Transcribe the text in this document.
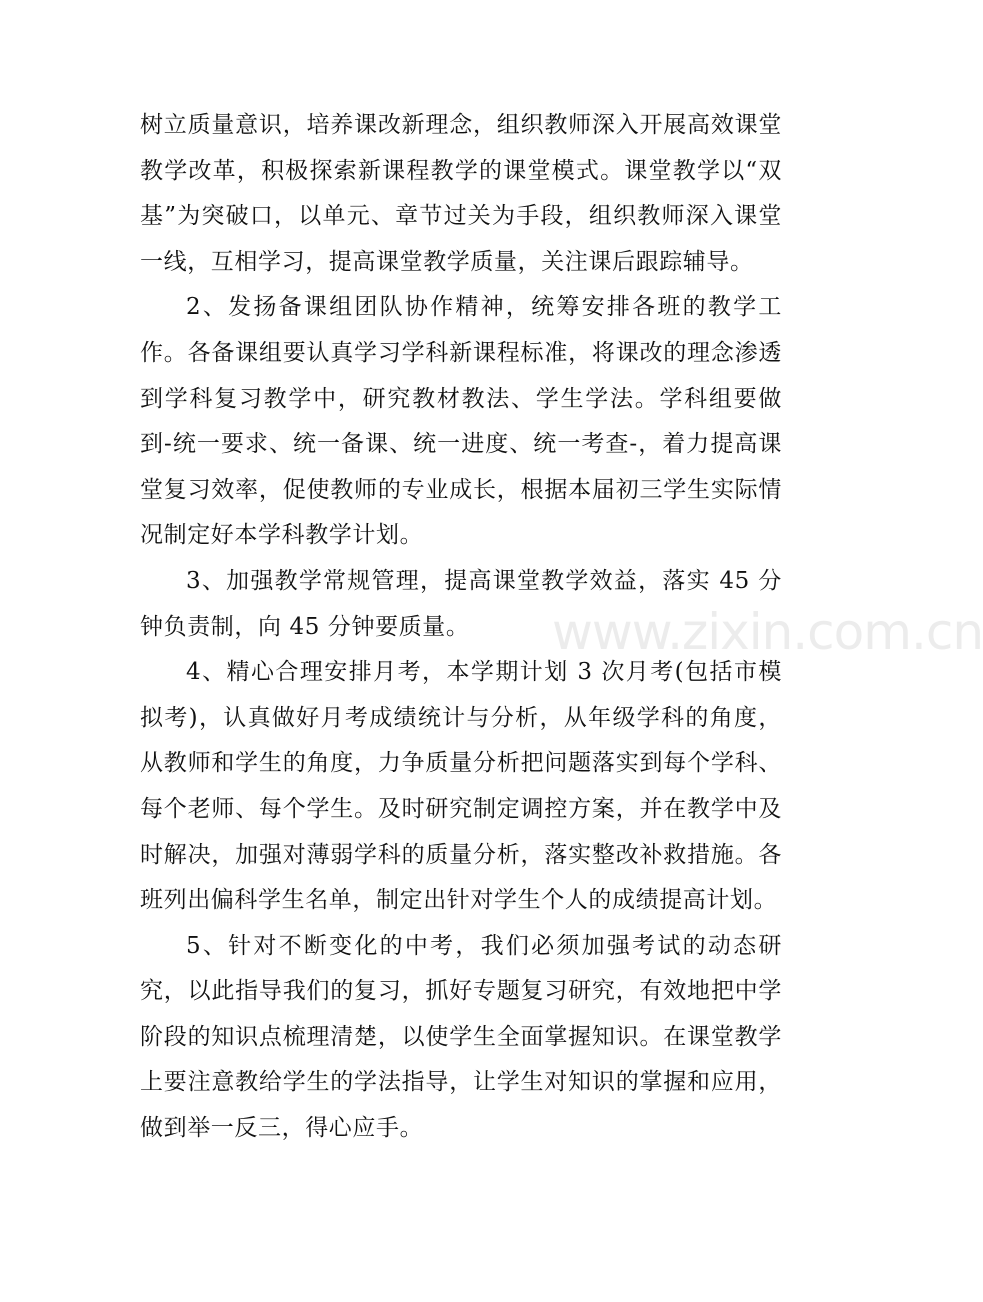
树立质量意识，培养课改新理念，组织教师深入开展高效课堂教学改革，积极探索新课程教学的课堂模式。课堂教学以“双基”为突破口，以单元、章节过关为手段，组织教师深入课堂一线，互相学习，提高课堂教学质量，关注课后跟踪辅导。

2、发扬备课组团队协作精神，统筹安排各班的教学工作。各备课组要认真学习学科新课程标准，将课改的理念渗透到学科复习教学中，研究教材教法、学生学法。学科组要做到‐统一要求、统一备课、统一进度、统一考查‐，着力提高课堂复习效率，促使教师的专业成长，根据本届初三学生实际情况制定好本学科教学计划。

3、加强教学常规管理，提高课堂教学效益，落实 45 分钟负责制，向 45 分钟要质量。

4、精心合理安排月考，本学期计划 3 次月考(包括市模拟考)，认真做好月考成绩统计与分析，从年级学科的角度，从教师和学生的角度，力争质量分析把问题落实到每个学科、每个老师、每个学生。及时研究制定调控方案，并在教学中及时解决，加强对薄弱学科的质量分析，落实整改补救措施。各班列出偏科学生名单，制定出针对学生个人的成绩提高计划。

5、针对不断变化的中考，我们必须加强考试的动态研究，以此指导我们的复习，抓好专题复习研究，有效地把中学阶段的知识点梳理清楚，以使学生全面掌握知识。在课堂教学上要注意教给学生的学法指导，让学生对知识的掌握和应用，做到举一反三，得心应手。

www.zixin.com.cn
